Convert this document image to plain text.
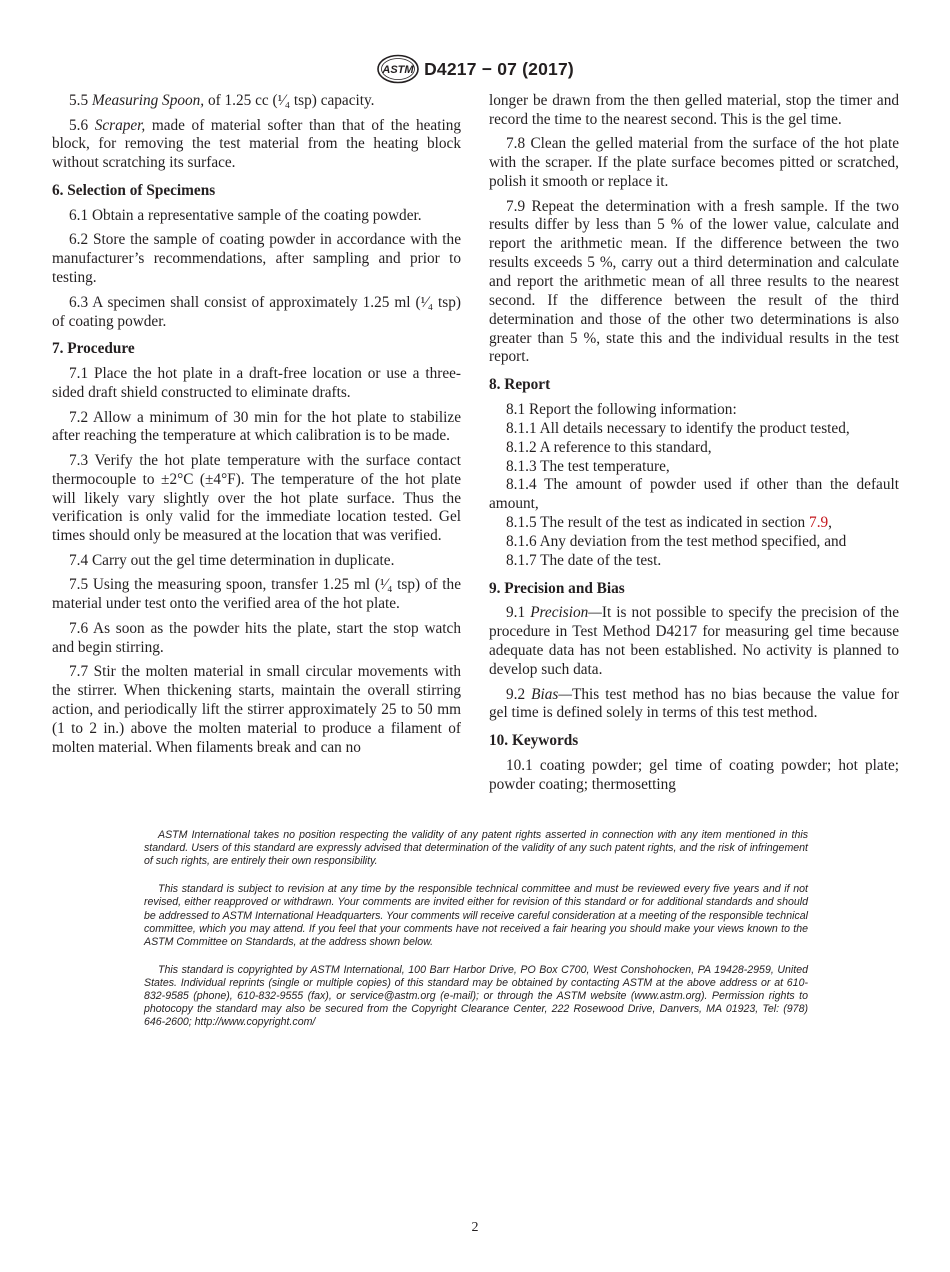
ASTM D4217 − 07 (2017)

5.5 Measuring Spoon, of 1.25 cc (¹⁄₄ tsp) capacity.

5.6 Scraper, made of material softer than that of the heating block, for removing the test material from the heating block without scratching its surface.

6. Selection of Specimens

6.1 Obtain a representative sample of the coating powder.

6.2 Store the sample of coating powder in accordance with the manufacturer’s recommendations, after sampling and prior to testing.

6.3 A specimen shall consist of approximately 1.25 ml (¹⁄₄ tsp) of coating powder.

7. Procedure

7.1 Place the hot plate in a draft-free location or use a three-sided draft shield constructed to eliminate drafts.

7.2 Allow a minimum of 30 min for the hot plate to stabilize after reaching the temperature at which calibration is to be made.

7.3 Verify the hot plate temperature with the surface contact thermocouple to ±2°C (±4°F). The temperature of the hot plate will likely vary slightly over the hot plate surface. Thus the verification is only valid for the immediate location tested. Gel times should only be measured at the location that was verified.

7.4 Carry out the gel time determination in duplicate.

7.5 Using the measuring spoon, transfer 1.25 ml (¹⁄₄ tsp) of the material under test onto the verified area of the hot plate.

7.6 As soon as the powder hits the plate, start the stop watch and begin stirring.

7.7 Stir the molten material in small circular movements with the stirrer. When thickening starts, maintain the overall stirring action, and periodically lift the stirrer approximately 25 to 50 mm (1 to 2 in.) above the molten material to produce a filament of molten material. When filaments break and can no

longer be drawn from the then gelled material, stop the timer and record the time to the nearest second. This is the gel time.

7.8 Clean the gelled material from the surface of the hot plate with the scraper. If the plate surface becomes pitted or scratched, polish it smooth or replace it.

7.9 Repeat the determination with a fresh sample. If the two results differ by less than 5 % of the lower value, calculate and report the arithmetic mean. If the difference between the two results exceeds 5 %, carry out a third determination and calculate and report the arithmetic mean of all three results to the nearest second. If the difference between the result of the third determination and those of the other two determinations is also greater than 5 %, state this and the individual results in the test report.

8. Report

8.1 Report the following information:

8.1.1 All details necessary to identify the product tested,

8.1.2 A reference to this standard,

8.1.3 The test temperature,

8.1.4 The amount of powder used if other than the default amount,

8.1.5 The result of the test as indicated in section 7.9,

8.1.6 Any deviation from the test method specified, and

8.1.7 The date of the test.

9. Precision and Bias

9.1 Precision—It is not possible to specify the precision of the procedure in Test Method D4217 for measuring gel time because adequate data has not been established. No activity is planned to develop such data.

9.2 Bias—This test method has no bias because the value for gel time is defined solely in terms of this test method.

10. Keywords

10.1 coating powder; gel time of coating powder; hot plate; powder coating; thermosetting

ASTM International takes no position respecting the validity of any patent rights asserted in connection with any item mentioned in this standard. Users of this standard are expressly advised that determination of the validity of any such patent rights, and the risk of infringement of such rights, are entirely their own responsibility.

This standard is subject to revision at any time by the responsible technical committee and must be reviewed every five years and if not revised, either reapproved or withdrawn. Your comments are invited either for revision of this standard or for additional standards and should be addressed to ASTM International Headquarters. Your comments will receive careful consideration at a meeting of the responsible technical committee, which you may attend. If you feel that your comments have not received a fair hearing you should make your views known to the ASTM Committee on Standards, at the address shown below.

This standard is copyrighted by ASTM International, 100 Barr Harbor Drive, PO Box C700, West Conshohocken, PA 19428-2959, United States. Individual reprints (single or multiple copies) of this standard may be obtained by contacting ASTM at the above address or at 610-832-9585 (phone), 610-832-9555 (fax), or service@astm.org (e-mail); or through the ASTM website (www.astm.org). Permission rights to photocopy the standard may also be secured from the Copyright Clearance Center, 222 Rosewood Drive, Danvers, MA 01923, Tel: (978) 646-2600; http://www.copyright.com/

2
